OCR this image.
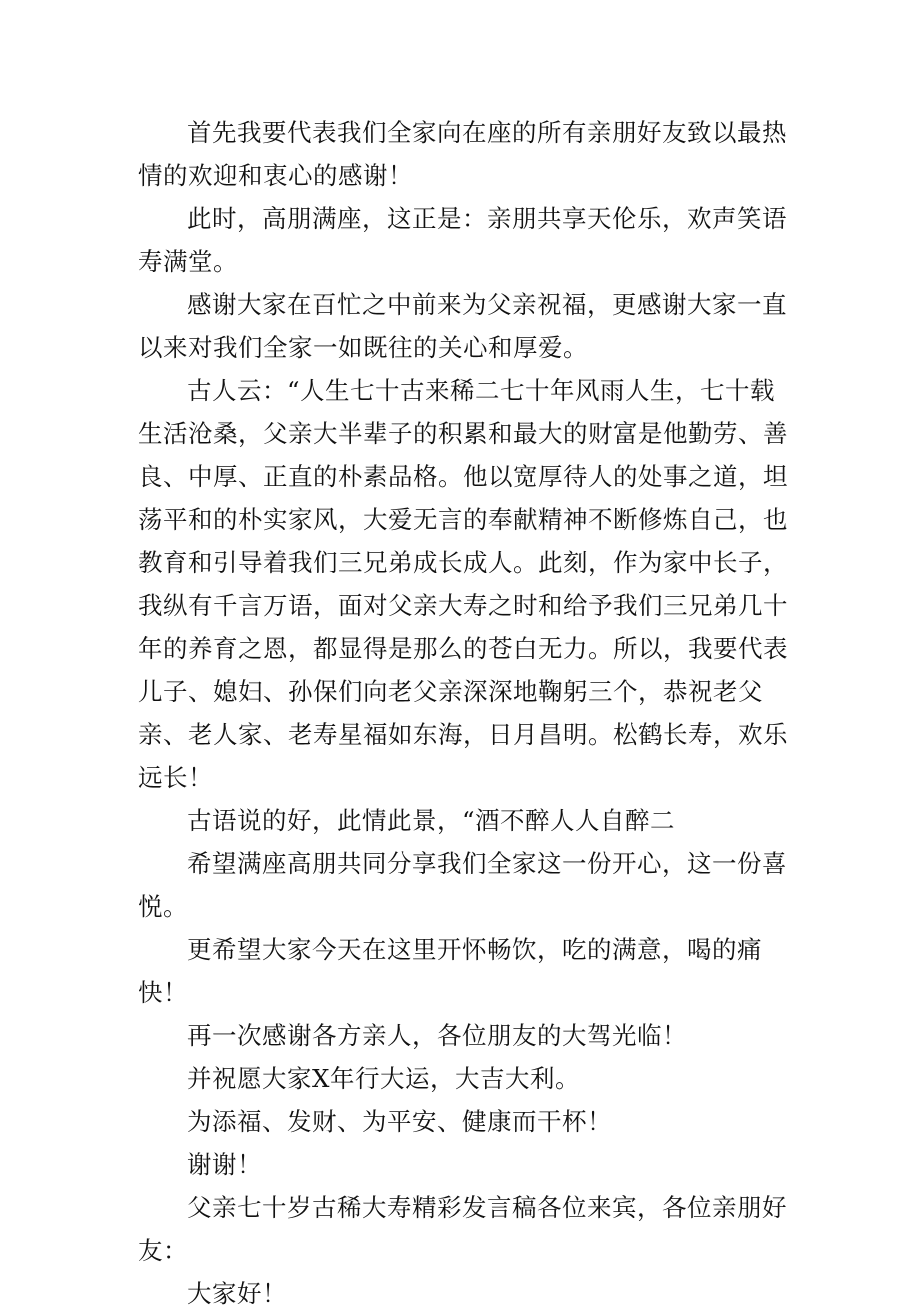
首先我要代表我们全家向在座的所有亲朋好友致以最热情的欢迎和衷心的感谢！

此时，高朋满座，这正是：亲朋共享天伦乐，欢声笑语寿满堂。

感谢大家在百忙之中前来为父亲祝福，更感谢大家一直以来对我们全家一如既往的关心和厚爱。

古人云：“人生七十古来稀二七十年风雨人生，七十载生活沧桑，父亲大半辈子的积累和最大的财富是他勤劳、善良、中厚、正直的朴素品格。他以宽厚待人的处事之道，坦荡平和的朴实家风，大爱无言的奉献精神不断修炼自己，也教育和引导着我们三兄弟成长成人。此刻，作为家中长子，我纵有千言万语，面对父亲大寿之时和给予我们三兄弟几十年的养育之恩，都显得是那么的苍白无力。所以，我要代表儿子、媳妇、孙保们向老父亲深深地鞠躬三个，恭祝老父亲、老人家、老寿星福如东海，日月昌明。松鹤长寿，欢乐远长！

古语说的好，此情此景，“酒不醉人人自醉二

希望满座高朋共同分享我们全家这一份开心，这一份喜悦。

更希望大家今天在这里开怀畅饮，吃的满意，喝的痛快！

再一次感谢各方亲人，各位朋友的大驾光临！

并祝愿大家X年行大运，大吉大利。

为添福、发财、为平安、健康而干杯！

谢谢！

父亲七十岁古稀大寿精彩发言稿各位来宾，各位亲朋好友：

大家好！
